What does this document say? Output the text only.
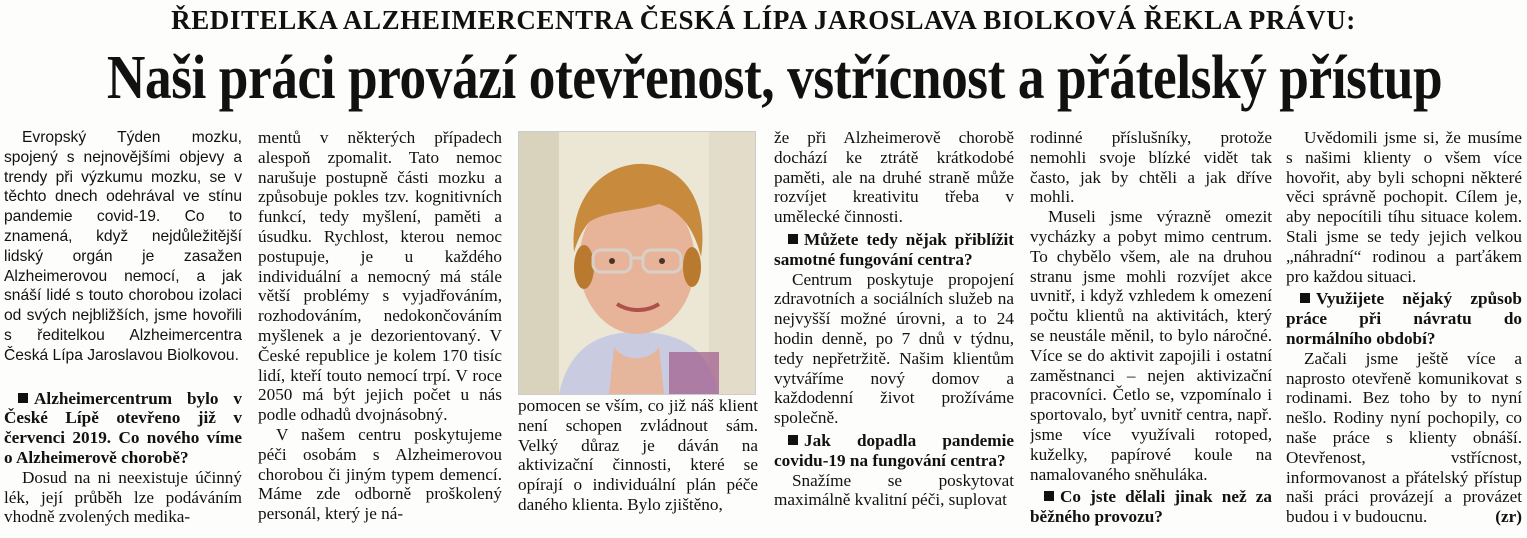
ŘEDITELKA ALZHEIMERCENTRA ČESKÁ LÍPA JAROSLAVA BIOLKOVÁ ŘEKLA PRÁVU:
Naši práci provází otevřenost, vstřícnost a přátelský přístup

Evropský Týden mozku, spojený s nejnovějšími objevy a trendy při výzkumu mozku, se v těchto dnech odehrával ve stínu pandemie covid-19. Co to znamená, když nejdůležitější lidský orgán je zasažen Alzheimerovou nemocí, a jak snáší lidé s touto chorobou izolaci od svých nejbližších, jsme hovořili s ředitelkou Alzheimercentra Česká Lípa Jaroslavou Biolkovou.

Alzheimercentrum bylo v České Lípě otevřeno již v červenci 2019. Co nového víme o Alzheimerově chorobě?

Dosud na ni neexistuje účinný lék, její průběh lze podáváním vhodně zvolených medika-

mentů v některých případech alespoň zpomalit. Tato nemoc narušuje postupně části mozku a způsobuje pokles tzv. kognitivních funkcí, tedy myšlení, paměti a úsudku. Rychlost, kterou nemoc postupuje, je u každého individuální a nemocný má stále větší problémy s vyjadřováním, rozhodováním, nedokončováním myšlenek a je dezorientovaný. V České republice je kolem 170 tisíc lidí, kteří touto nemocí trpí. V roce 2050 má být jejich počet u nás podle odhadů dvojnásobný.

V našem centru poskytujeme péči osobám s Alzheimerovou chorobou či jiným typem demencí. Máme zde odborně proškolený personál, který je ná-

pomocen se vším, co již náš klient není schopen zvládnout sám. Velký důraz je dáván na aktivizační činnosti, které se opírají o individuální plán péče daného klienta. Bylo zjištěno,

že při Alzheimerově chorobě dochází ke ztrátě krátkodobé paměti, ale na druhé straně může rozvíjet kreativitu třeba v umělecké činnosti.

Můžete tedy nějak přiblížit samotné fungování centra?

Centrum poskytuje propojení zdravotních a sociálních služeb na nejvyšší možné úrovni, a to 24 hodin denně, po 7 dnů v týdnu, tedy nepřetržitě. Našim klientům vytváříme nový domov a každodenní život prožíváme společně.

Jak dopadla pandemie covidu-19 na fungování centra?

Snažíme se poskytovat maximálně kvalitní péči, suplovat

rodinné příslušníky, protože nemohli svoje blízké vidět tak často, jak by chtěli a jak dříve mohli.

Museli jsme výrazně omezit vycházky a pobyt mimo centrum. To chybělo všem, ale na druhou stranu jsme mohli rozvíjet akce uvnitř, i když vzhledem k omezení počtu klientů na aktivitách, který se neustále měnil, to bylo náročné. Více se do aktivit zapojili i ostatní zaměstnanci – nejen aktivizační pracovníci. Četlo se, vzpomínalo i sportovalo, byť uvnitř centra, např. jsme více využívali rotoped, kuželky, papírové koule na namalovaného sněhuláka.

Co jste dělali jinak než za běžného provozu?

Uvědomili jsme si, že musíme s našimi klienty o všem více hovořit, aby byli schopni některé věci správně pochopit. Cílem je, aby nepocítili tíhu situace kolem. Stali jsme se tedy jejich velkou „náhradní“ rodinou a parťákem pro každou situaci.

Využijete nějaký způsob práce při návratu do normálního období?

Začali jsme ještě více a naprosto otevřeně komunikovat s rodinami. Bez toho by to nyní nešlo. Rodiny nyní pochopily, co naše práce s klienty obnáší. Otevřenost, vstřícnost, informovanost a přátelský přístup naši práci provázejí a provázet budou i v budoucnu.	(zr)
